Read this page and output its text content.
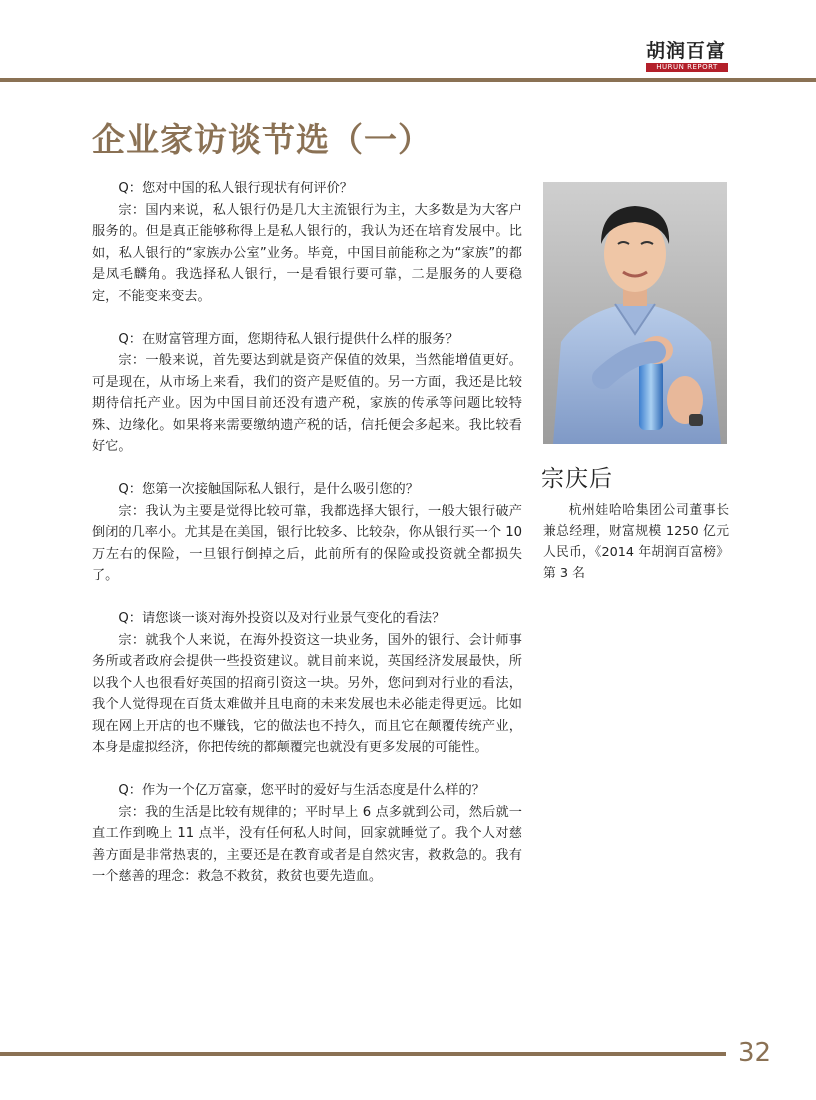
胡润百富
HURUN REPORT
企业家访谈节选（一）

Q：您对中国的私人银行现状有何评价？

宗：国内来说，私人银行仍是几大主流银行为主，大多数是为大客户服务的。但是真正能够称得上是私人银行的，我认为还在培育发展中。比如，私人银行的“家族办公室”业务。毕竟，中国目前能称之为“家族”的都是凤毛麟角。我选择私人银行，一是看银行要可靠，二是服务的人要稳定，不能变来变去。

Q：在财富管理方面，您期待私人银行提供什么样的服务？

宗：一般来说，首先要达到就是资产保值的效果，当然能增值更好。可是现在，从市场上来看，我们的资产是贬值的。另一方面，我还是比较期待信托产业。因为中国目前还没有遗产税，家族的传承等问题比较特殊、边缘化。如果将来需要缴纳遗产税的话，信托便会多起来。我比较看好它。

Q：您第一次接触国际私人银行，是什么吸引您的？

宗：我认为主要是觉得比较可靠，我都选择大银行，一般大银行破产倒闭的几率小。尤其是在美国，银行比较多、比较杂，你从银行买一个 10 万左右的保险，一旦银行倒掉之后，此前所有的保险或投资就全都损失了。

Q：请您谈一谈对海外投资以及对行业景气变化的看法？

宗：就我个人来说，在海外投资这一块业务，国外的银行、会计师事务所或者政府会提供一些投资建议。就目前来说，英国经济发展最快，所以我个人也很看好英国的招商引资这一块。另外，您问到对行业的看法，我个人觉得现在百货太难做并且电商的未来发展也未必能走得更远。比如现在网上开店的也不赚钱，它的做法也不持久，而且它在颠覆传统产业，本身是虚拟经济，你把传统的都颠覆完也就没有更多发展的可能性。

Q：作为一个亿万富豪，您平时的爱好与生活态度是什么样的？

宗：我的生活是比较有规律的；平时早上 6 点多就到公司，然后就一直工作到晚上 11 点半，没有任何私人时间，回家就睡觉了。我个人对慈善方面是非常热衷的，主要还是在教育或者是自然灾害，救救急的。我有一个慈善的理念：救急不救贫，救贫也要先造血。

宗庆后

杭州娃哈哈集团公司董事长兼总经理，财富规模 1250 亿元人民币，《2014 年胡润百富榜》第 3 名

32
